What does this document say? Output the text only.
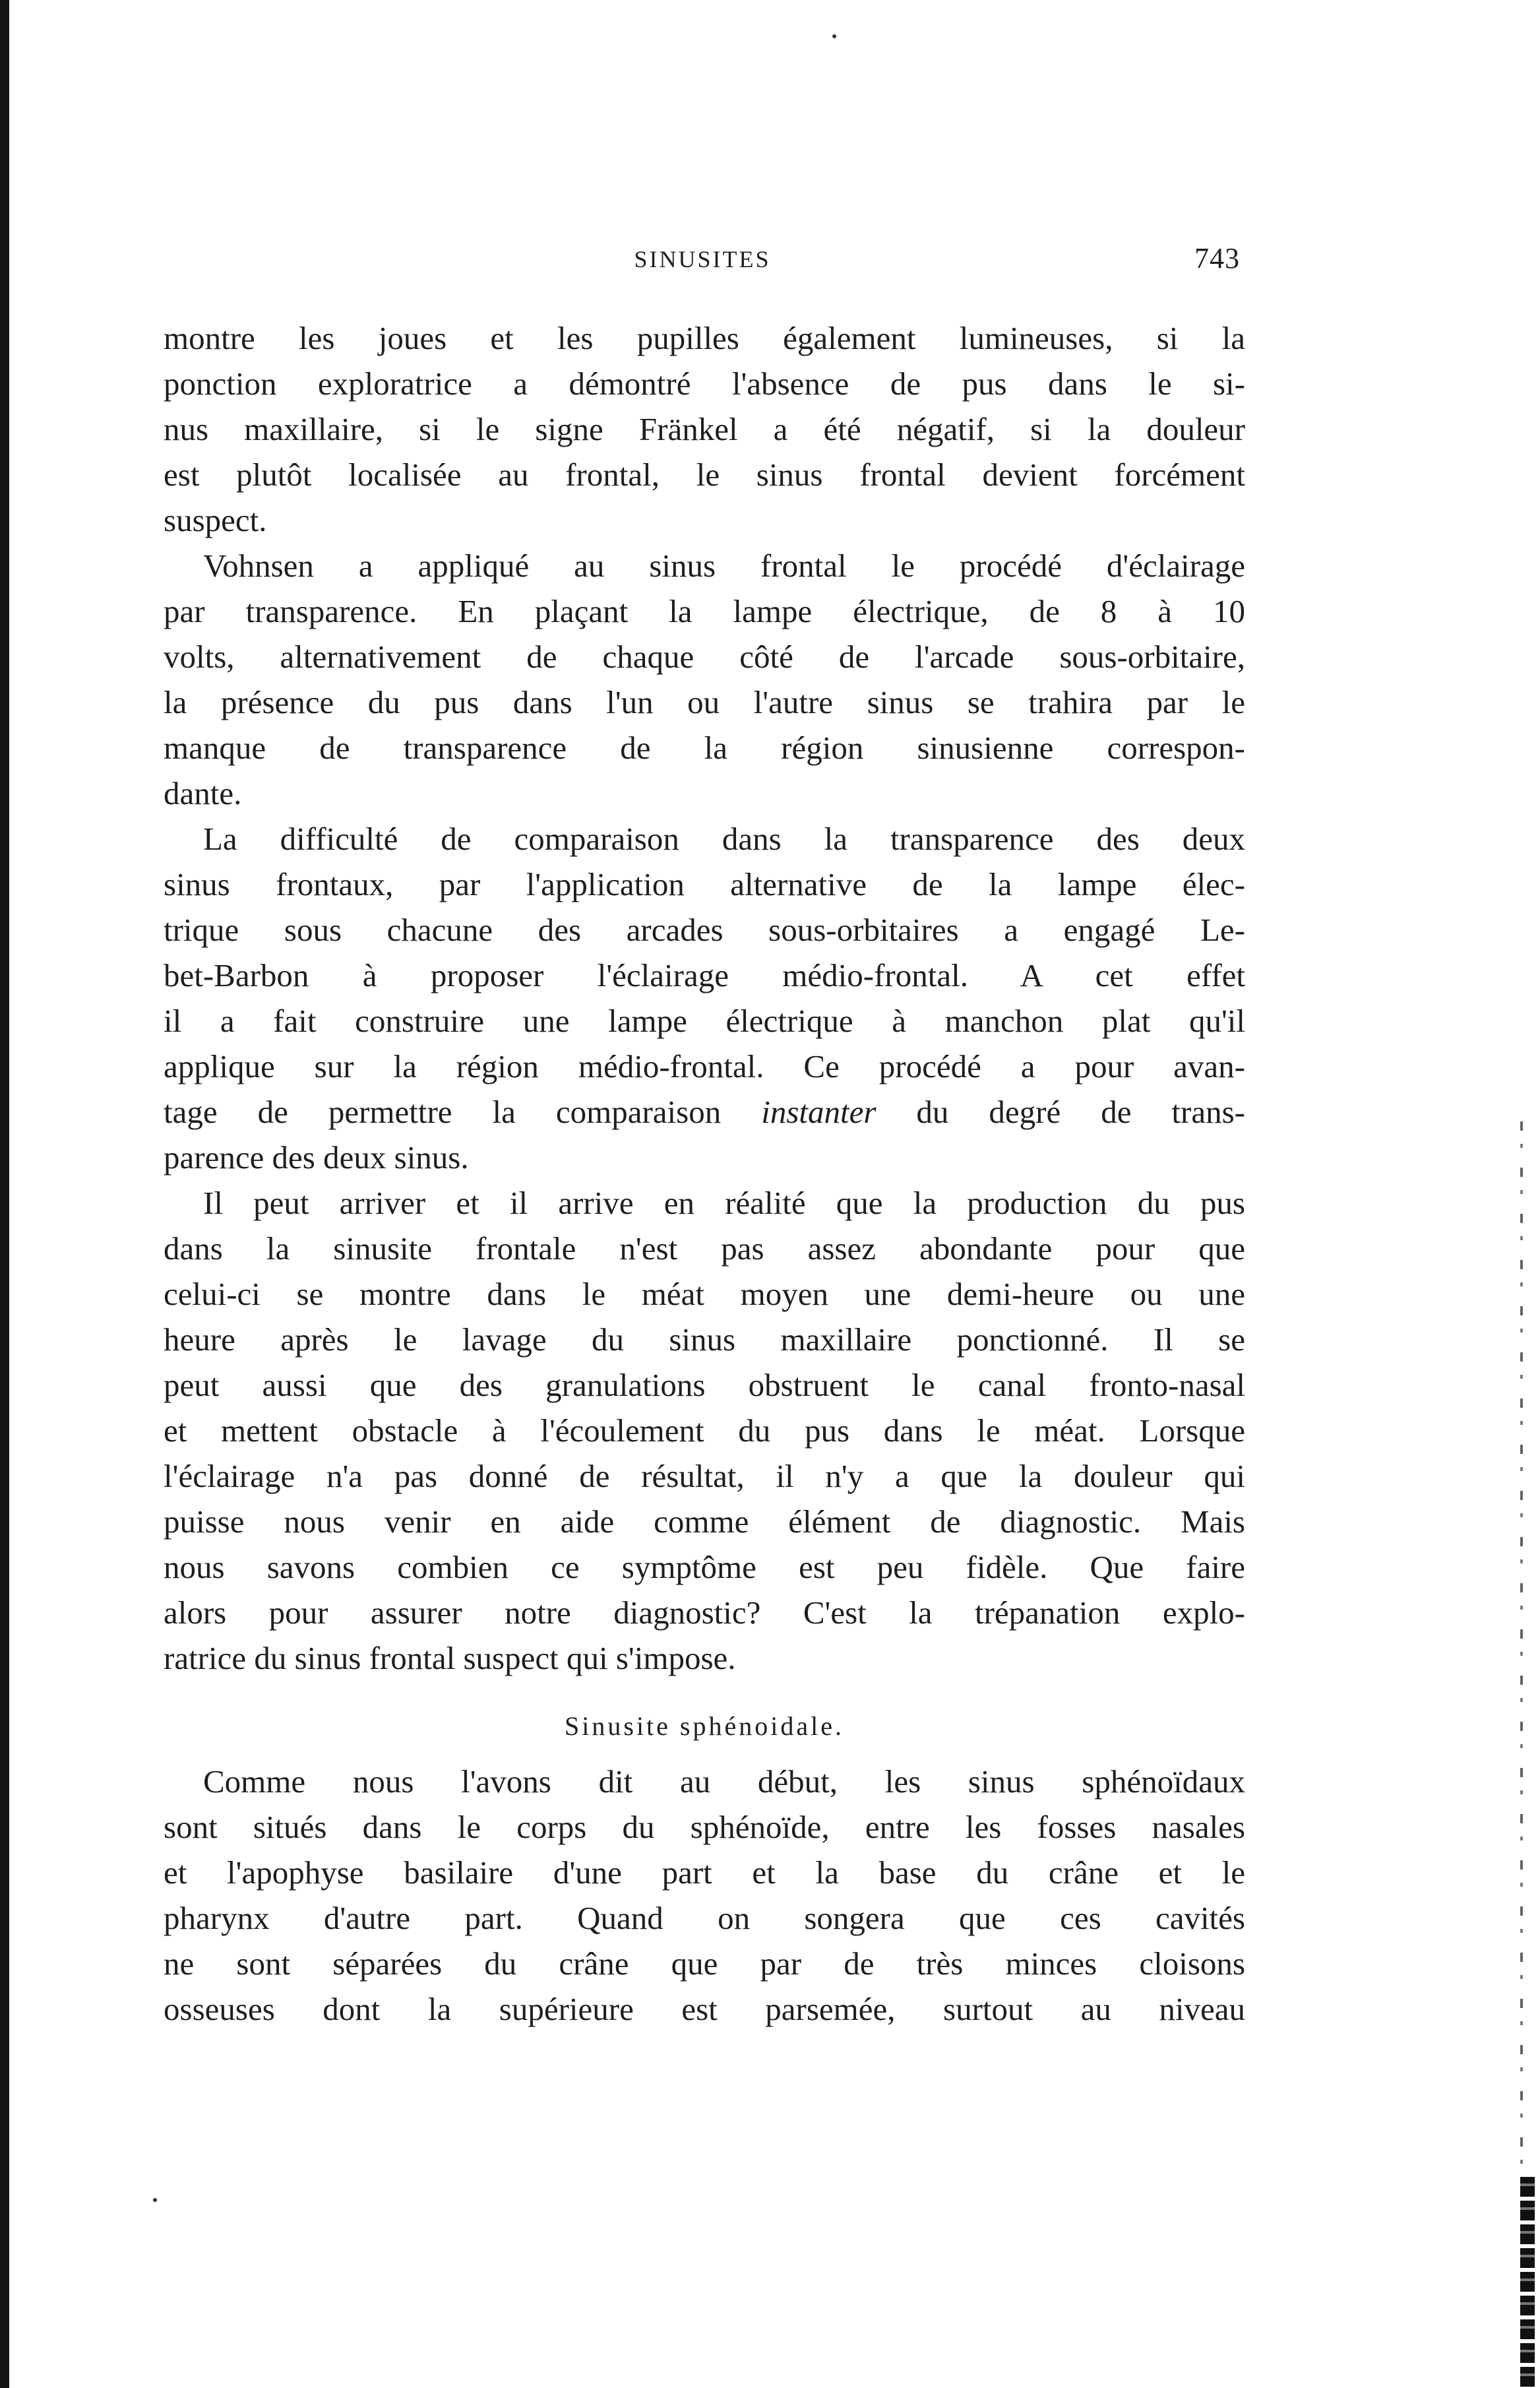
SINUSITES	743
montre les joues et les pupilles également lumineuses, si la
ponction exploratrice a démontré l'absence de pus dans le si-
nus maxillaire, si le signe Fränkel a été négatif, si la douleur
est plutôt localisée au frontal, le sinus frontal devient forcément
suspect.
Vohnsen a appliqué au sinus frontal le procédé d'éclairage
par transparence. En plaçant la lampe électrique, de 8 à 10
volts, alternativement de chaque côté de l'arcade sous-orbitaire,
la présence du pus dans l'un ou l'autre sinus se trahira par le
manque de transparence de la région sinusienne correspon-
dante.
La difficulté de comparaison dans la transparence des deux
sinus frontaux, par l'application alternative de la lampe élec-
trique sous chacune des arcades sous-orbitaires a engagé Le-
bet-Barbon à proposer l'éclairage médio-frontal. A cet effet
il a fait construire une lampe électrique à manchon plat qu'il
applique sur la région médio-frontal. Ce procédé a pour avan-
tage de permettre la comparaison instanter du degré de trans-
parence des deux sinus.
Il peut arriver et il arrive en réalité que la production du pus
dans la sinusite frontale n'est pas assez abondante pour que
celui-ci se montre dans le méat moyen une demi-heure ou une
heure après le lavage du sinus maxillaire ponctionné. Il se
peut aussi que des granulations obstruent le canal fronto-nasal
et mettent obstacle à l'écoulement du pus dans le méat. Lorsque
l'éclairage n'a pas donné de résultat, il n'y a que la douleur qui
puisse nous venir en aide comme élément de diagnostic. Mais
nous savons combien ce symptôme est peu fidèle. Que faire
alors pour assurer notre diagnostic? C'est la trépanation explo-
ratrice du sinus frontal suspect qui s'impose.
Sinusite sphénoidale.
Comme nous l'avons dit au début, les sinus sphénoïdaux
sont situés dans le corps du sphénoïde, entre les fosses nasales
et l'apophyse basilaire d'une part et la base du crâne et le
pharynx d'autre part. Quand on songera que ces cavités
ne sont séparées du crâne que par de très minces cloisons
osseuses dont la supérieure est parsemée, surtout au niveau
